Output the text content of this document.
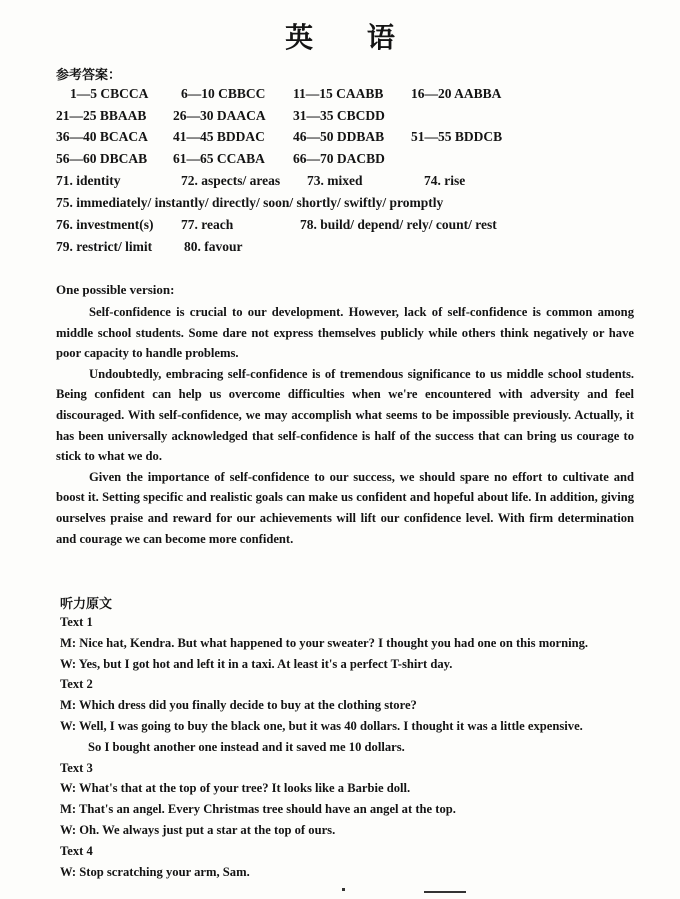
英 语
参考答案：
1—5 CBCCA 6—10 CBBCC 11—15 CAABB 16—20 AABBA
21—25 BBAAB 26—30 DAACA 31—35 CBCDD
36—40 BCACA 41—45 BDDAC 46—50 DDBAB 51—55 BDDCB
56—60 DBCAB 61—65 CCABA 66—70 DACBD
71. identity	72. aspects/ areas 73. mixed	74. rise
75. immediately/ instantly/ directly/ soon/ shortly/ swiftly/ promptly
76. investment(s) 77. reach	78. build/ depend/ rely/ count/ rest
79. restrict/ limit 80. favour
One possible version:

Self-confidence is crucial to our development. However, lack of self-confidence is common among middle school students. Some dare not express themselves publicly while others think negatively or have poor capacity to handle problems.

Undoubtedly, embracing self-confidence is of tremendous significance to us middle school students. Being confident can help us overcome difficulties when we're encountered with adversity and feel discouraged. With self-confidence, we may accomplish what seems to be impossible previously. Actually, it has been universally acknowledged that self-confidence is half of the success that can bring us courage to stick to what we do.

Given the importance of self-confidence to our success, we should spare no effort to cultivate and boost it. Setting specific and realistic goals can make us confident and hopeful about life. In addition, giving ourselves praise and reward for our achievements will lift our confidence level. With firm determination and courage we can become more confident.

听力原文

Text 1

M: Nice hat, Kendra. But what happened to your sweater? I thought you had one on this morning.

W: Yes, but I got hot and left it in a taxi. At least it's a perfect T-shirt day.

Text 2

M: Which dress did you finally decide to buy at the clothing store?

W: Well, I was going to buy the black one, but it was 40 dollars. I thought it was a little expensive.

So I bought another one instead and it saved me 10 dollars.

Text 3

W: What's that at the top of your tree? It looks like a Barbie doll.

M: That's an angel. Every Christmas tree should have an angel at the top.

W: Oh. We always just put a star at the top of ours.

Text 4

W: Stop scratching your arm, Sam.
